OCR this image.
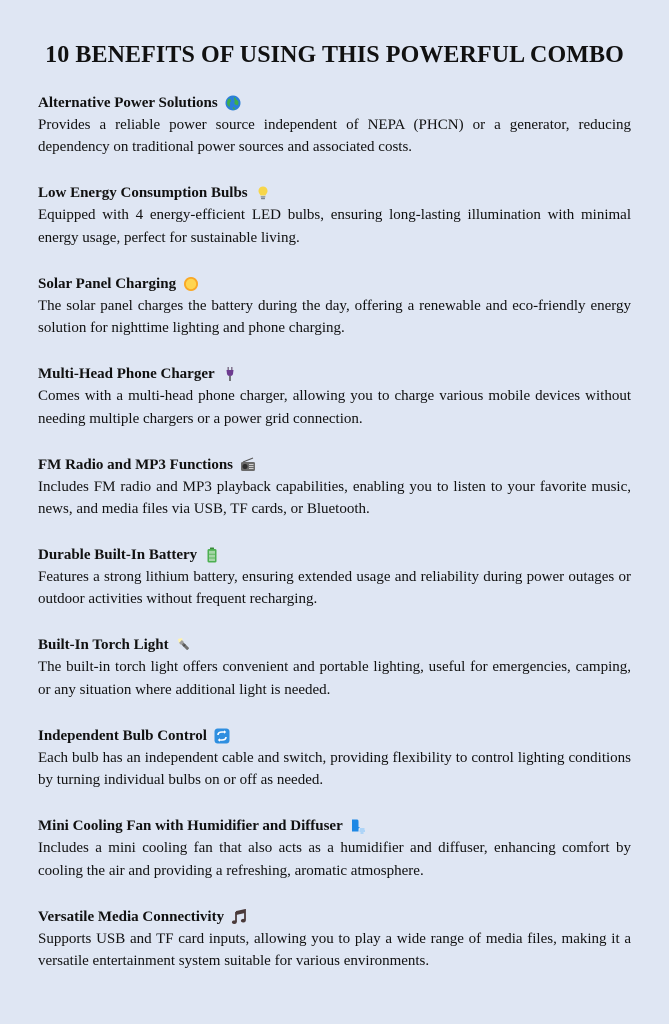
10 BENEFITS OF USING THIS POWERFUL COMBO
Alternative Power Solutions

Provides a reliable power source independent of NEPA (PHCN) or a generator, reducing dependency on traditional power sources and associated costs.

Low Energy Consumption Bulbs

Equipped with 4 energy-efficient LED bulbs, ensuring long-lasting illumination with minimal energy usage, perfect for sustainable living.

Solar Panel Charging

The solar panel charges the battery during the day, offering a renewable and eco-friendly energy solution for nighttime lighting and phone charging.

Multi-Head Phone Charger

Comes with a multi-head phone charger, allowing you to charge various mobile devices without needing multiple chargers or a power grid connection.

FM Radio and MP3 Functions

Includes FM radio and MP3 playback capabilities, enabling you to listen to your favorite music, news, and media files via USB, TF cards, or Bluetooth.

Durable Built-In Battery

Features a strong lithium battery, ensuring extended usage and reliability during power outages or outdoor activities without frequent recharging.

Built-In Torch Light

The built-in torch light offers convenient and portable lighting, useful for emergencies, camping, or any situation where additional light is needed.

Independent Bulb Control

Each bulb has an independent cable and switch, providing flexibility to control lighting conditions by turning individual bulbs on or off as needed.

Mini Cooling Fan with Humidifier and Diffuser

Includes a mini cooling fan that also acts as a humidifier and diffuser, enhancing comfort by cooling the air and providing a refreshing, aromatic atmosphere.

Versatile Media Connectivity

Supports USB and TF card inputs, allowing you to play a wide range of media files, making it a versatile entertainment system suitable for various environments.
